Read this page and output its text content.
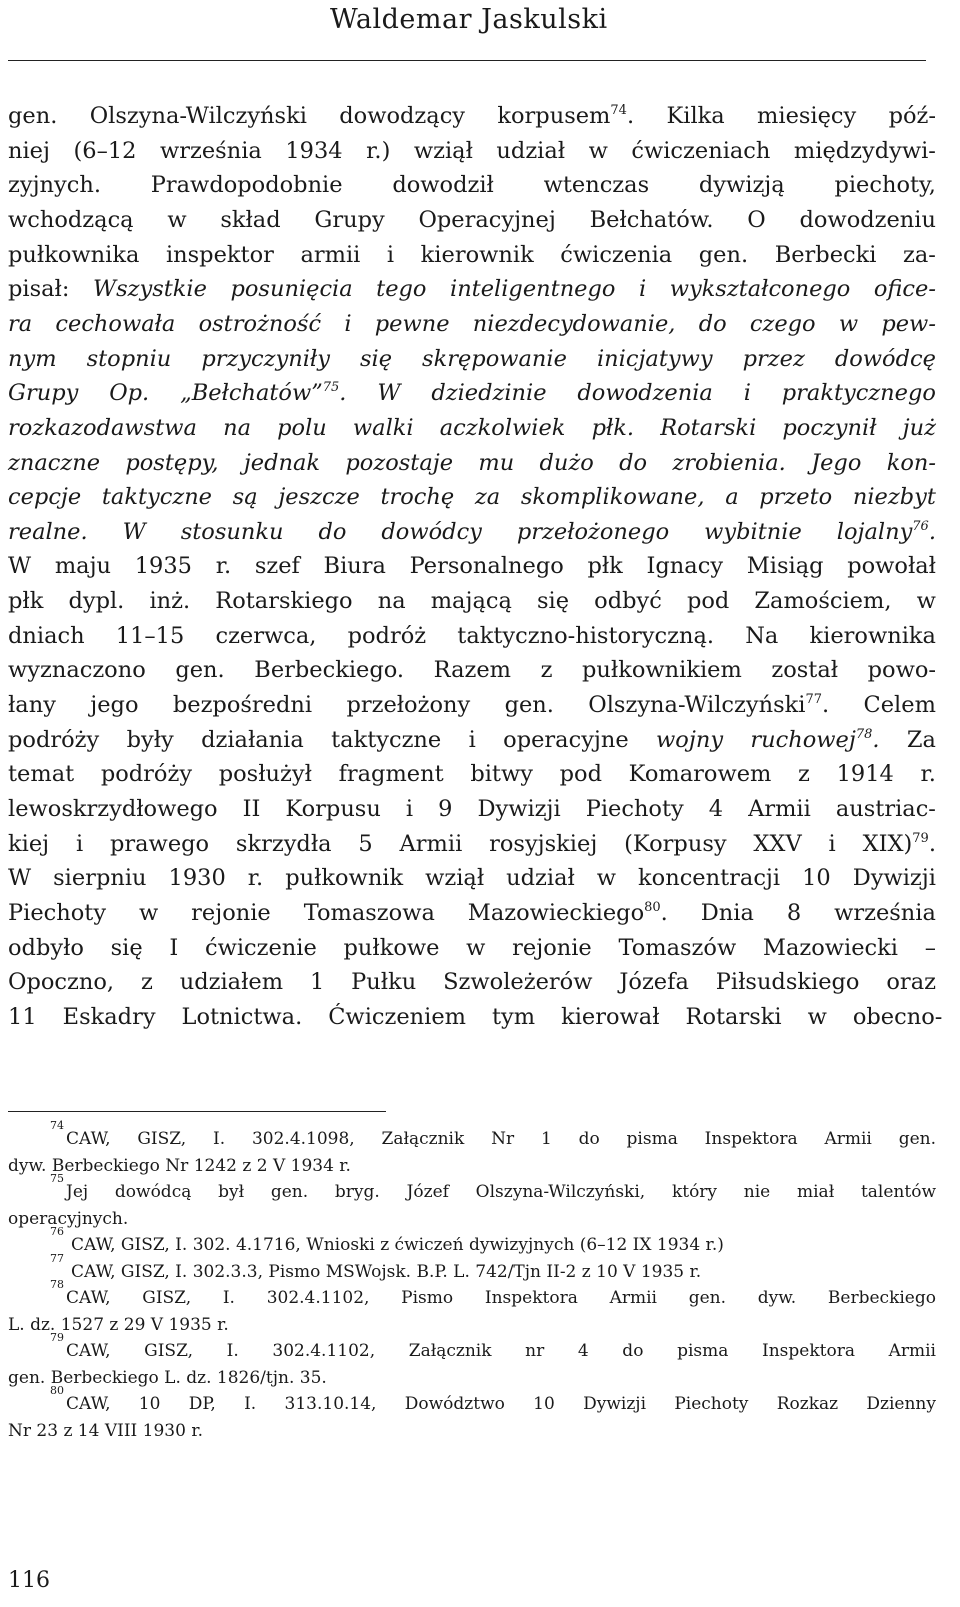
Waldemar Jaskulski
gen. Olszyna-Wilczyński dowodzący korpusem$^{74}$. Kilka miesięcy póź-
niej (6–12 września 1934 r.) wziął udział w ćwiczeniach międzydywi-
zyjnych. Prawdopodobnie dowodził wtenczas dywizją piechoty,
wchodzącą w skład Grupy Operacyjnej Bełchatów. O dowodzeniu
pułkownika inspektor armii i kierownik ćwiczenia gen. Berbecki za-
pisał: Wszystkie posunięcia tego inteligentnego i wykształconego ofice-
ra cechowała ostrożność i pewne niezdecydowanie, do czego w pew-
nym stopniu przyczyniły się skrępowanie inicjatywy przez dowódcę
Grupy Op. „Bełchatów”$^{75}$. W dziedzinie dowodzenia i praktycznego
rozkazodawstwa na polu walki aczkolwiek płk. Rotarski poczynił już
znaczne postępy, jednak pozostaje mu dużo do zrobienia. Jego kon-
cepcje taktyczne są jeszcze trochę za skomplikowane, a przeto niezbyt
realne. W stosunku do dowódcy przełożonego wybitnie lojalny$^{76}$.
W maju 1935 r. szef Biura Personalnego płk Ignacy Misiąg powołał
płk dypl. inż. Rotarskiego na mającą się odbyć pod Zamościem, w
dniach 11–15 czerwca, podróż taktyczno-historyczną. Na kierownika
wyznaczono gen. Berbeckiego. Razem z pułkownikiem został powo-
łany jego bezpośredni przełożony gen. Olszyna-Wilczyński$^{77}$. Celem
podróży były działania taktyczne i operacyjne wojny ruchowej$^{78}$. Za
temat podróży posłużył fragment bitwy pod Komarowem z 1914 r.
lewoskrzydłowego II Korpusu i 9 Dywizji Piechoty 4 Armii austriac-
kiej i prawego skrzydła 5 Armii rosyjskiej (Korpusy XXV i XIX)$^{79}$.
W sierpniu 1930 r. pułkownik wziął udział w koncentracji 10 Dywizji
Piechoty w rejonie Tomaszowa Mazowieckiego$^{80}$. Dnia 8 września
odbyło się I ćwiczenie pułkowe w rejonie Tomaszów Mazowiecki –
Opoczno, z udziałem 1 Pułku Szwoleżerów Józefa Piłsudskiego oraz
11	Eskadry	Lotnictwa.	Ćwiczeniem	tym	kierował	Rotarski	w	obecno-
74
CAW, GISZ, I. 302.4.1098, Załącznik Nr 1 do pisma Inspektora Armii gen.
dyw. Berbeckiego Nr 1242 z 2 V 1934 r.
75
Jej dowódcą był gen. bryg. Józef Olszyna-Wilczyński, który nie miał talentów
operacyjnych.
76
CAW, GISZ, I. 302. 4.1716, Wnioski z ćwiczeń dywizyjnych (6–12 IX 1934 r.)
77
CAW, GISZ, I. 302.3.3, Pismo MSWojsk. B.P. L. 742/Tjn II-2 z 10 V 1935 r.
78
CAW, GISZ, I. 302.4.1102, Pismo Inspektora Armii gen. dyw. Berbeckiego
L. dz. 1527 z 29 V 1935 r.
79
CAW, GISZ, I. 302.4.1102, Załącznik nr 4 do pisma Inspektora Armii
gen. Berbeckiego L. dz. 1826/tjn. 35.
80
CAW, 10 DP, I. 313.10.14, Dowództwo 10 Dywizji Piechoty Rozkaz Dzienny
Nr 23 z 14 VIII 1930 r.
116
